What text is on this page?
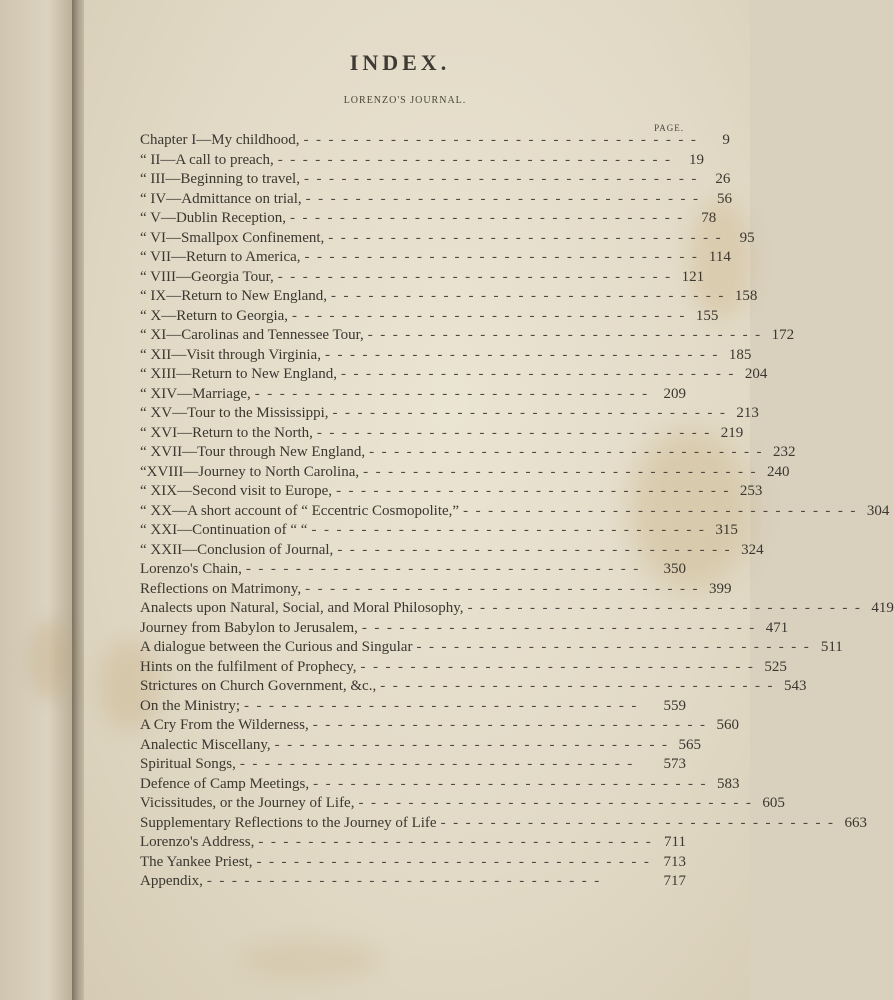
INDEX.
LORENZO'S JOURNAL.
PAGE.
Chapter I—My childhood, - -	9
“ II—A call to preach, - -	19
“ III—Beginning to travel, - -	26
“ IV—Admittance on trial, - -	56
“ V—Dublin Reception, - -	78
“ VI—Smallpox Confinement, - -	95
“ VII—Return to America, - -	114
“ VIII—Georgia Tour, - -	121
“ IX—Return to New England, - -	158
“ X—Return to Georgia, - -	155
“ XI—Carolinas and Tennessee Tour, - -	172
“ XII—Visit through Virginia, - -	185
“ XIII—Return to New England, - -	204
“ XIV—Marriage, - -	209
“ XV—Tour to the Mississippi, - -	213
“ XVI—Return to the North, - -	219
“ XVII—Tour through New England, - -	232
“XVIII—Journey to North Carolina, - -	240
“ XIX—Second visit to Europe, - -	253
“ XX—A short account of “ Eccentric Cosmopolite,” - -	304
“ XXI—Continuation of “ “ - -	315
“ XXII—Conclusion of Journal, - -	324
Lorenzo's Chain, - -	350
Reflections on Matrimony, - -	399
Analects upon Natural, Social, and Moral Philosophy, - -	419
Journey from Babylon to Jerusalem, - -	471
A dialogue between the Curious and Singular - -	511
Hints on the fulfilment of Prophecy, - -	525
Strictures on Church Government, &c., - -	543
On the Ministry; - -	559
A Cry From the Wilderness, - -	560
Analectic Miscellany, - -	565
Spiritual Songs, - -	573
Defence of Camp Meetings, - -	583
Vicissitudes, or the Journey of Life, - -	605
Supplementary Reflections to the Journey of Life - -	663
Lorenzo's Address, - -	711
The Yankee Priest, - -	713
Appendix, - -	717
